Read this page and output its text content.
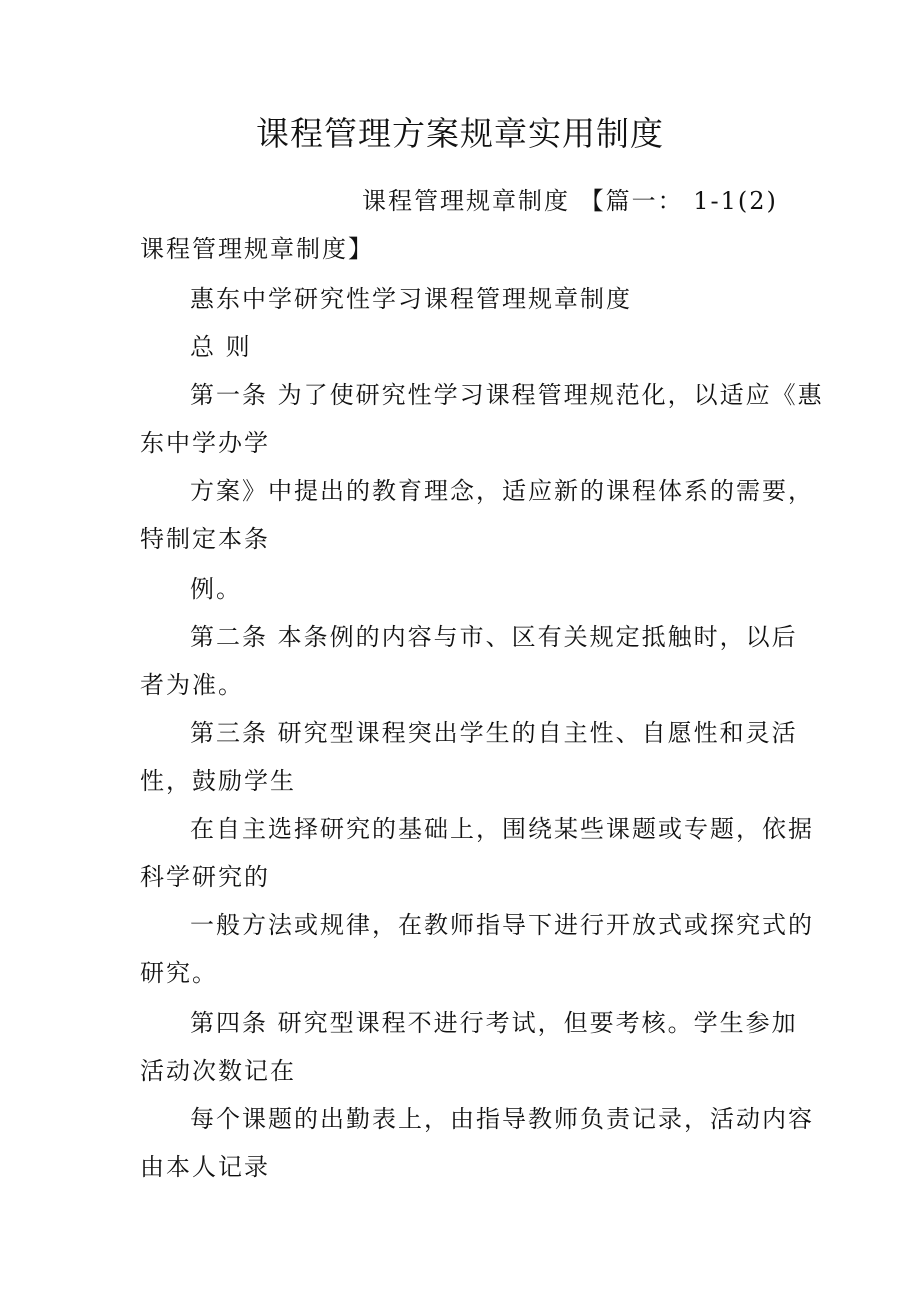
课程管理方案规章实用制度
课程管理规章制度 【篇一： 1-1(2)
课程管理规章制度】
惠东中学研究性学习课程管理规章制度
总 则
第一条 为了使研究性学习课程管理规范化，以适应《惠
东中学办学
方案》中提出的教育理念，适应新的课程体系的需要，
特制定本条
例。
第二条 本条例的内容与市、区有关规定抵触时，以后
者为准。
第三条 研究型课程突出学生的自主性、自愿性和灵活
性，鼓励学生
在自主选择研究的基础上，围绕某些课题或专题，依据
科学研究的
一般方法或规律，在教师指导下进行开放式或探究式的
研究。
第四条 研究型课程不进行考试，但要考核。学生参加
活动次数记在
每个课题的出勤表上，由指导教师负责记录，活动内容
由本人记录
